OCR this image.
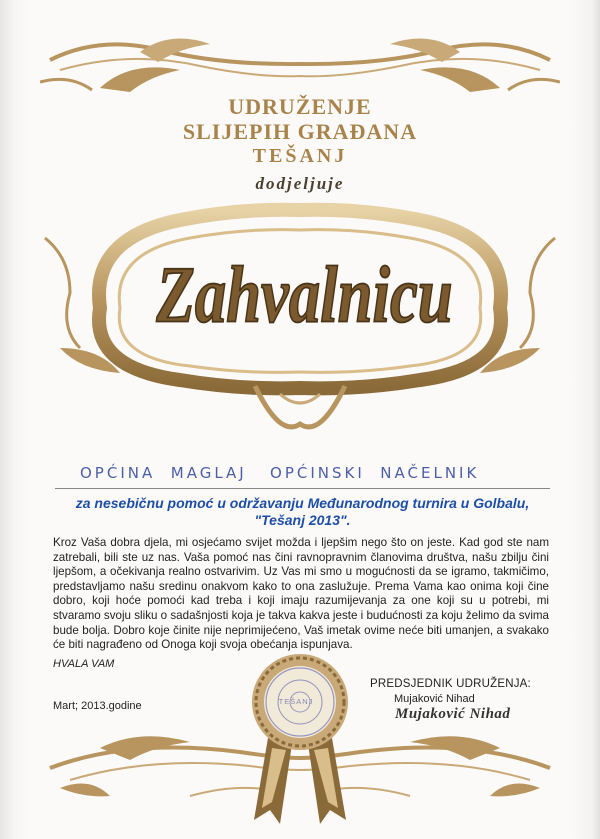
UDRUŽENJE
SLIJEPIH GRAĐANA
TEŠANJ
dodjeljuje
Zahvalnicu
OPĆINA  MAGLAJ   OPĆINSKI  NAČELNIK
za nesebičnu pomoć u održavanju Međunarodnog turnira u Golbalu,
"Tešanj 2013".
Kroz Vaša dobra djela, mi osjećamo svijet možda i ljepšim nego što on jeste. Kad god ste nam zatrebali, bili ste uz nas. Vaša pomoć nas čini ravnopravnim članovima društva, našu zbilju čini ljepšom, a očekivanja realno ostvarivim. Uz Vas mi smo u mogućnosti da se igramo, takmičimo, predstavljamo našu sredinu onakvom kako to ona zaslužuje. Prema Vama kao onima koji čine dobro, koji hoće pomoći kad treba i koji imaju razumijevanja za one koji su u potrebi, mi stvaramo svoju sliku o sadašnjosti koja je takva kakva jeste i budućnosti za koju želimo da svima bude bolja. Dobro koje činite nije neprimijećeno, Vaš imetak ovime neće biti umanjen, a svakako će biti nagrađeno od Onoga koji svoja obećanja ispunjava.
HVALA VAM
Mart; 2013.godine
PREDSJEDNIK UDRUŽENJA:
Mujaković Nihad
Mujaković Nihad
TEŠANJ
